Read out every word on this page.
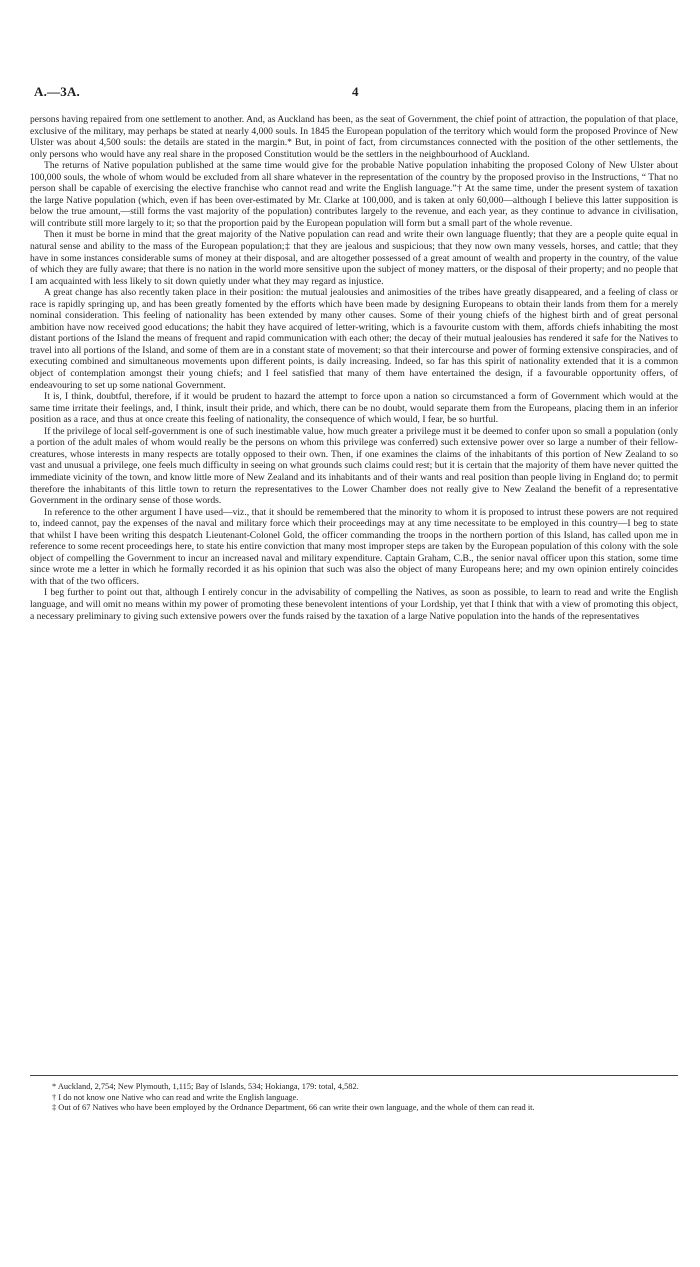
A.—3A.	4

persons having repaired from one settlement to another. And, as Auckland has been, as the seat of Government, the chief point of attraction, the population of that place, exclusive of the military, may perhaps be stated at nearly 4,000 souls. In 1845 the European population of the territory which would form the proposed Province of New Ulster was about 4,500 souls: the details are stated in the margin.* But, in point of fact, from circumstances connected with the position of the other settlements, the only persons who would have any real share in the proposed Constitution would be the settlers in the neighbourhood of Auckland.

The returns of Native population published at the same time would give for the probable Native population inhabiting the proposed Colony of New Ulster about 100,000 souls, the whole of whom would be excluded from all share whatever in the representation of the country by the proposed proviso in the Instructions, “ That no person shall be capable of exercising the elective franchise who cannot read and write the English language.”† At the same time, under the present system of taxation the large Native population (which, even if has been over-estimated by Mr. Clarke at 100,000, and is taken at only 60,000—although I believe this latter supposition is below the true amount,—still forms the vast majority of the population) contributes largely to the revenue, and each year, as they continue to advance in civilisation, will contribute still more largely to it; so that the proportion paid by the European population will form but a small part of the whole revenue.

Then it must be borne in mind that the great majority of the Native population can read and write their own language fluently; that they are a people quite equal in natural sense and ability to the mass of the European population;‡ that they are jealous and suspicious; that they now own many vessels, horses, and cattle; that they have in some instances considerable sums of money at their disposal, and are altogether possessed of a great amount of wealth and property in the country, of the value of which they are fully aware; that there is no nation in the world more sensitive upon the subject of money matters, or the disposal of their property; and no people that I am acquainted with less likely to sit down quietly under what they may regard as injustice.

A great change has also recently taken place in their position: the mutual jealousies and animosities of the tribes have greatly disappeared, and a feeling of class or race is rapidly springing up, and has been greatly fomented by the efforts which have been made by designing Europeans to obtain their lands from them for a merely nominal consideration. This feeling of nationality has been extended by many other causes. Some of their young chiefs of the highest birth and of great personal ambition have now received good educations; the habit they have acquired of letter-writing, which is a favourite custom with them, affords chiefs inhabiting the most distant portions of the Island the means of frequent and rapid communication with each other; the decay of their mutual jealousies has rendered it safe for the Natives to travel into all portions of the Island, and some of them are in a constant state of movement; so that their intercourse and power of forming extensive conspiracies, and of executing combined and simultaneous movements upon different points, is daily increasing. Indeed, so far has this spirit of nationality extended that it is a common object of contemplation amongst their young chiefs; and I feel satisfied that many of them have entertained the design, if a favourable opportunity offers, of endeavouring to set up some national Government.

It is, I think, doubtful, therefore, if it would be prudent to hazard the attempt to force upon a nation so circumstanced a form of Government which would at the same time irritate their feelings, and, I think, insult their pride, and which, there can be no doubt, would separate them from the Europeans, placing them in an inferior position as a race, and thus at once create this feeling of nationality, the consequence of which would, I fear, be so hurtful.

If the privilege of local self-government is one of such inestimable value, how much greater a privilege must it be deemed to confer upon so small a population (only a portion of the adult males of whom would really be the persons on whom this privilege was conferred) such extensive power over so large a number of their fellow-creatures, whose interests in many respects are totally opposed to their own. Then, if one examines the claims of the inhabitants of this portion of New Zealand to so vast and unusual a privilege, one feels much difficulty in seeing on what grounds such claims could rest; but it is certain that the majority of them have never quitted the immediate vicinity of the town, and know little more of New Zealand and its inhabitants and of their wants and real position than people living in England do; to permit therefore the inhabitants of this little town to return the representatives to the Lower Chamber does not really give to New Zealand the benefit of a representative Government in the ordinary sense of those words.

In reference to the other argument I have used—viz., that it should be remembered that the minority to whom it is proposed to intrust these powers are not required to, indeed cannot, pay the expenses of the naval and military force which their proceedings may at any time necessitate to be employed in this country—I beg to state that whilst I have been writing this despatch Lieutenant-Colonel Gold, the officer commanding the troops in the northern portion of this Island, has called upon me in reference to some recent proceedings here, to state his entire conviction that many most improper steps are taken by the European population of this colony with the sole object of compelling the Government to incur an increased naval and military expenditure. Captain Graham, C.B., the senior naval officer upon this station, some time since wrote me a letter in which he formally recorded it as his opinion that such was also the object of many Europeans here; and my own opinion entirely coincides with that of the two officers.

I beg further to point out that, although I entirely concur in the advisability of compelling the Natives, as soon as possible, to learn to read and write the English language, and will omit no means within my power of promoting these benevolent intentions of your Lordship, yet that I think that with a view of promoting this object, a necessary preliminary to giving such extensive powers over the funds raised by the taxation of a large Native population into the hands of the representatives

* Auckland, 2,754; New Plymouth, 1,115; Bay of Islands, 534; Hokianga, 179: total, 4,582.

† I do not know one Native who can read and write the English language.

‡ Out of 67 Natives who have been employed by the Ordnance Department, 66 can write their own language, and the whole of them can read it.
